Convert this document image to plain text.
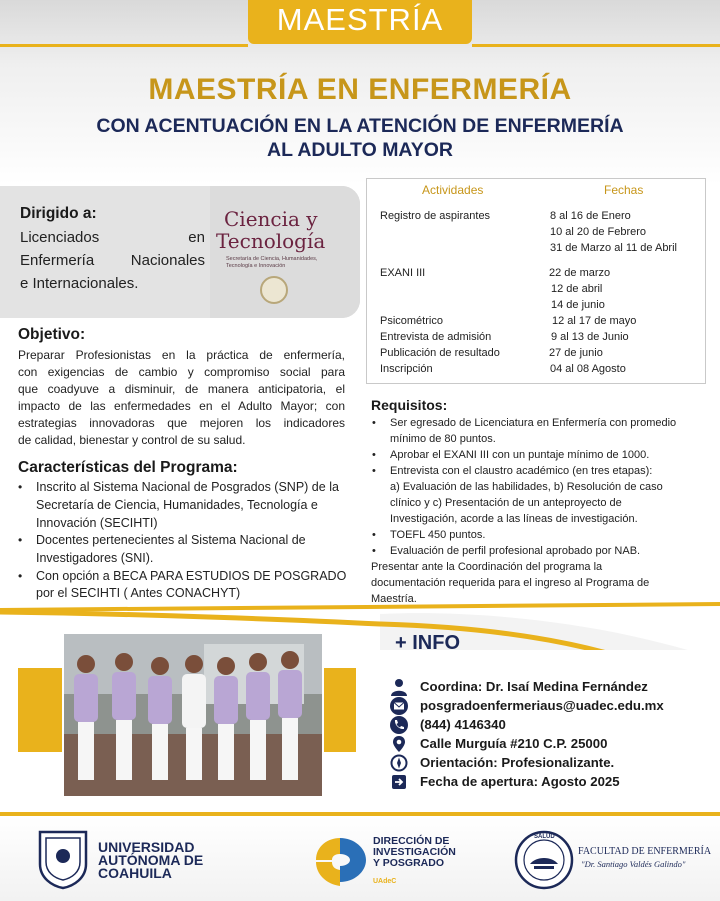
MAESTRÍA
MAESTRÍA EN ENFERMERÍA
CON ACENTUACIÓN EN LA ATENCIÓN DE ENFERMERÍA
AL ADULTO MAYOR
Dirigido a:
Licenciados en
Enfermería Nacionales
e Internacionales.
Ciencia y
Tecnología
Secretaría de Ciencia, Humanidades, Tecnología e Innovación
Actividades	Fechas
Registro de aspirantes	8 al 16 de Enero
10 al 20 de Febrero
31 de Marzo al 11 de Abril
EXANI III	22 de marzo
12 de abril
14 de junio
Psicométrico	12 al 17 de mayo
Entrevista de admisión	9 al 13 de Junio
Publicación de resultado	27 de junio
Inscripción	04 al 08 Agosto
Objetivo:
Preparar Profesionistas en la práctica de enfermería,
con exigencias de cambio y compromiso social para
que coadyuve a disminuir, de manera anticipatoria, el
impacto de las enfermedades en el Adulto Mayor; con
estrategias innovadoras que mejoren los indicadores
de calidad, bienestar y control de su salud.
Características del Programa:
• Inscrito al Sistema Nacional de Posgrados (SNP) de la
Secretaría de Ciencia, Humanidades, Tecnología e
Innovación (SECIHTI)
• Docentes pertenecientes al Sistema Nacional de
Investigadores (SNI).
• Con opción a BECA PARA ESTUDIOS DE POSGRADO
por el SECIHTI ( Antes CONACHYT)
Requisitos:
• Ser egresado de Licenciatura en Enfermería con promedio
mínimo de 80 puntos.
• Aprobar el EXANI III con un puntaje mínimo de 1000.
• Entrevista con el claustro académico (en tres etapas):
a) Evaluación de las habilidades, b) Resolución de caso
clínico y c) Presentación de un anteproyecto de
Investigación, acorde a las líneas de investigación.
• TOEFL 450 puntos.
• Evaluación de perfil profesional aprobado por NAB.
Presentar ante la Coordinación del programa la
documentación requerida para el ingreso al Programa de
Maestría.
+ INFO
Coordina: Dr. Isaí Medina Fernández
posgradoenfermeriaus@uadec.edu.mx
(844) 4146340
Calle Murguía #210 C.P. 25000
Orientación: Profesionalizante.
Fecha de apertura: Agosto 2025
UNIVERSIDAD
AUTÓNOMA DE
COAHUILA
DIRECCIÓN DE
INVESTIGACIÓN
Y POSGRADO
UAdeC
SALUD
FACULTAD DE ENFERMERÍA
"Dr. Santiago Valdés Galindo"
